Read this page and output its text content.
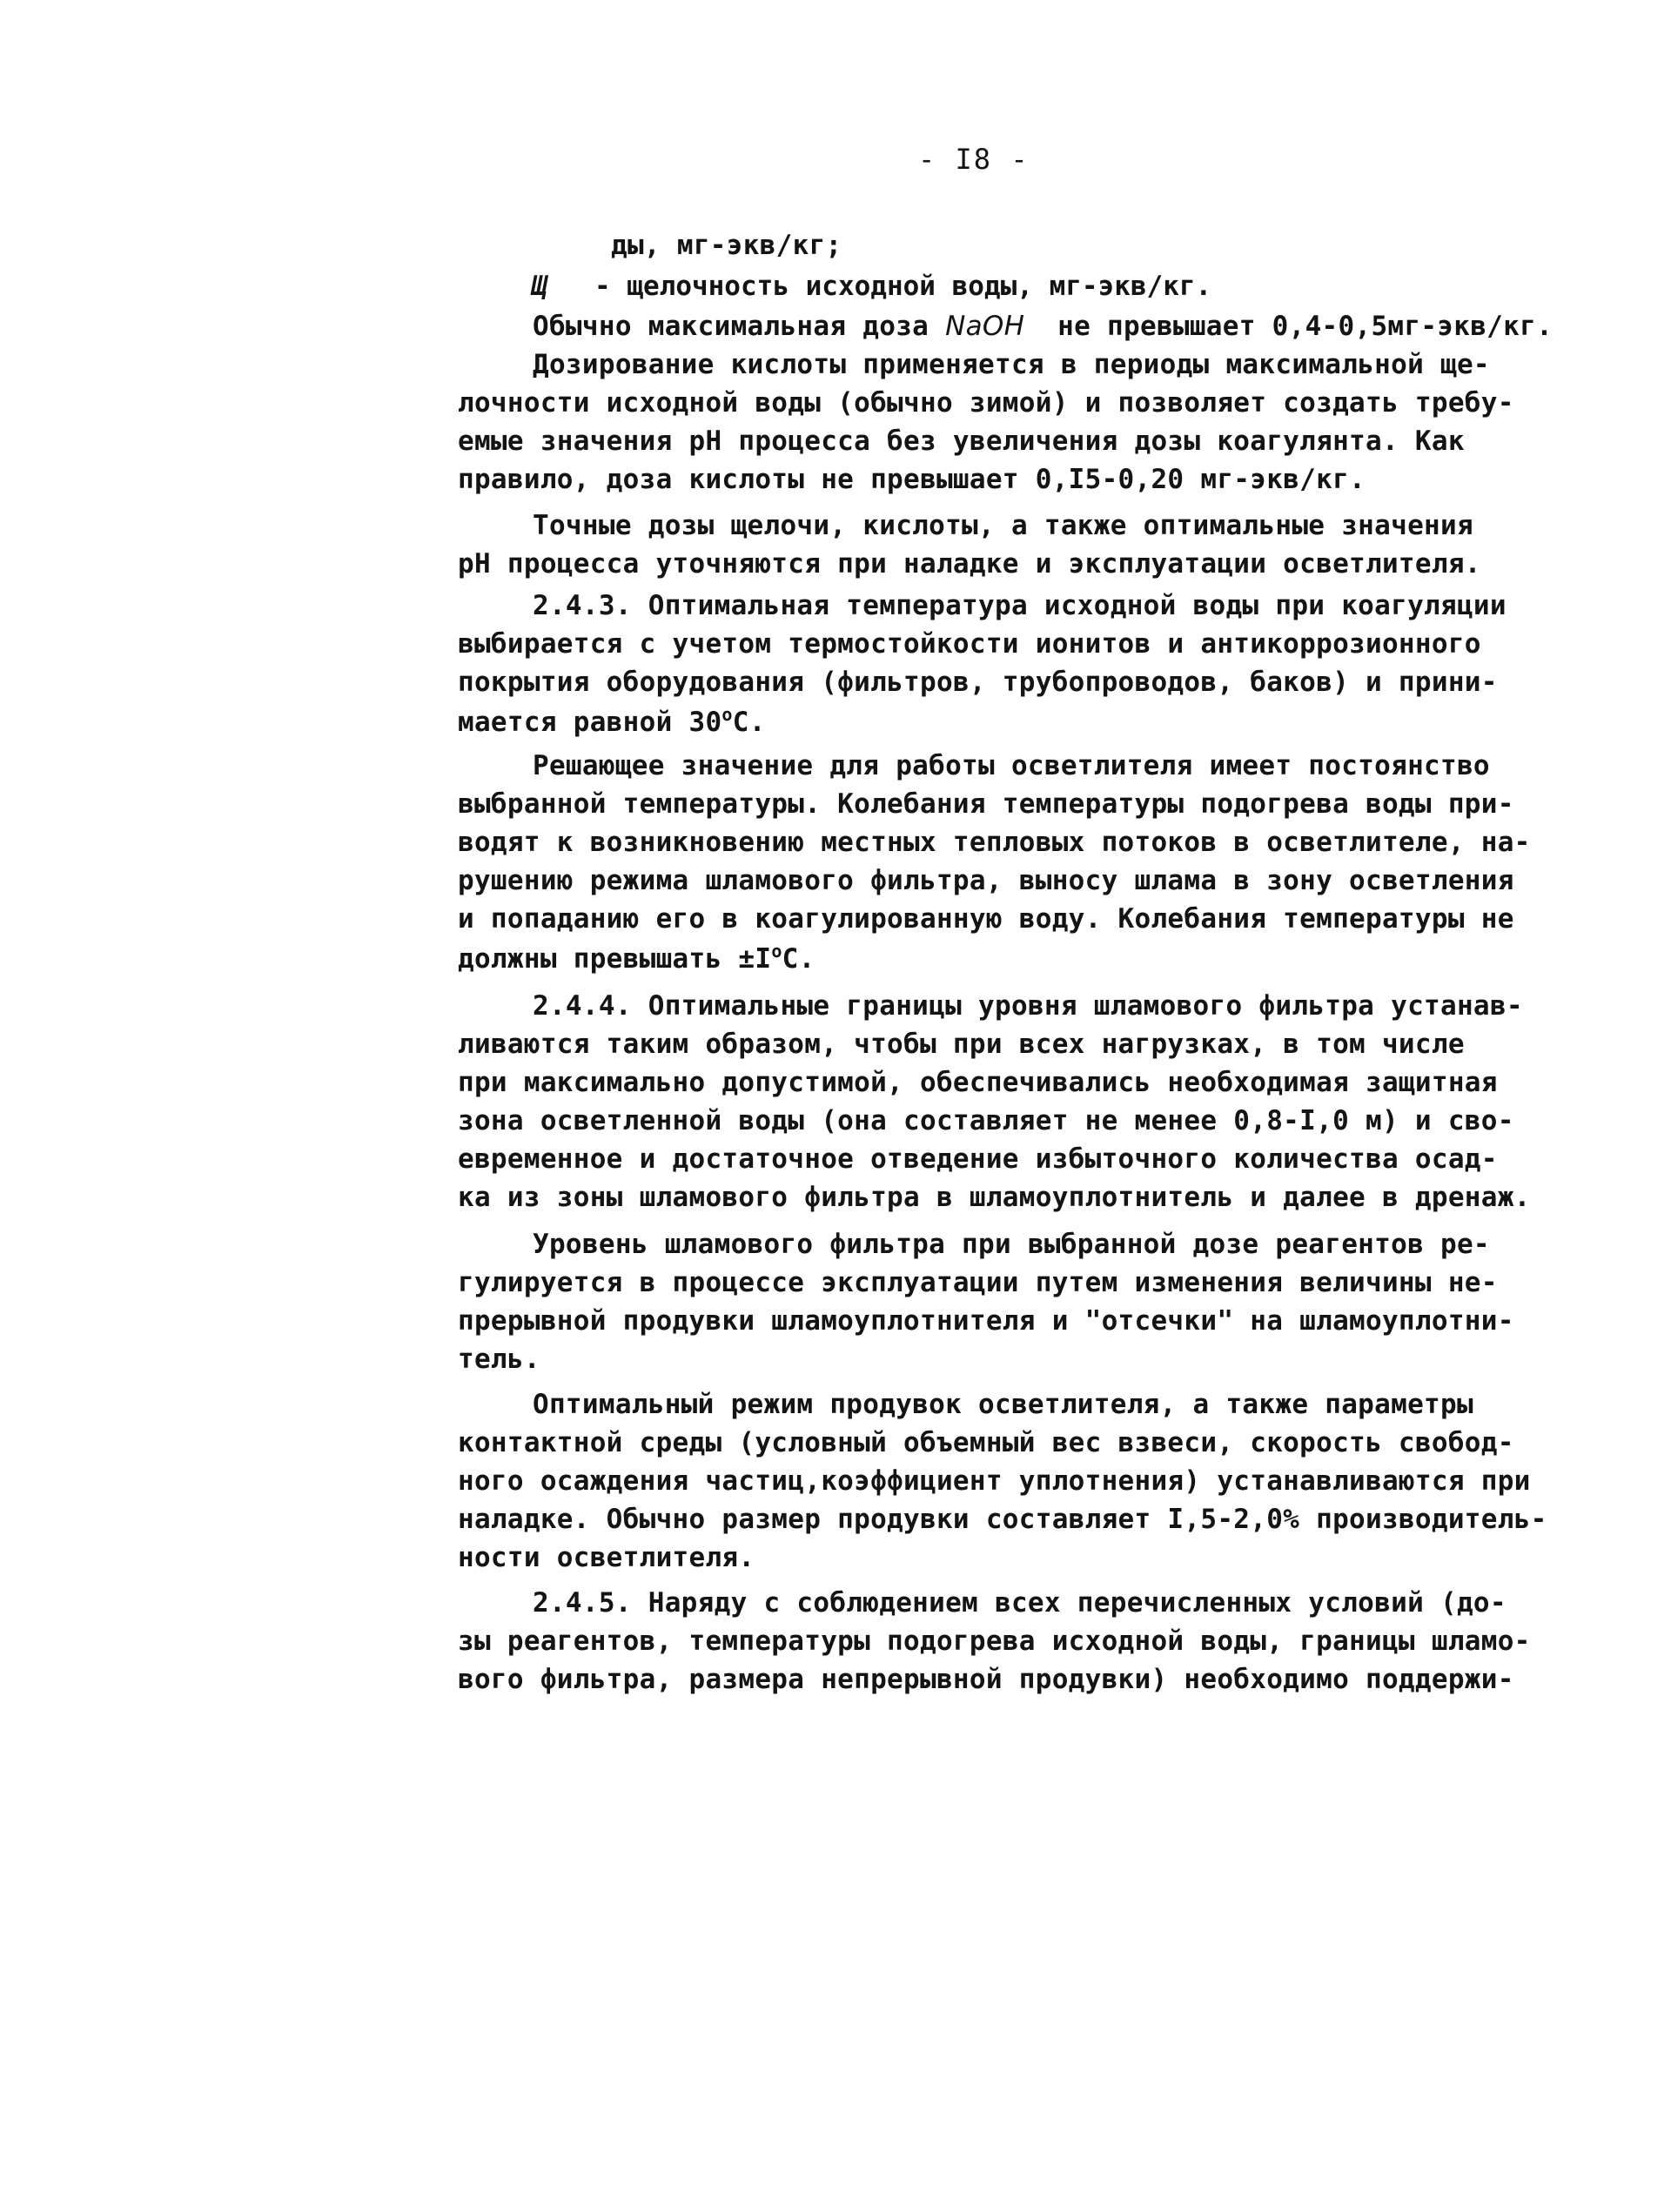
- I8 -
ды, мг-экв/кг;
Щ - щелочность исходной воды, мг-экв/кг.
Обычно максимальная доза NaOH  не превышает 0,4-0,5мг-экв/кг.
Дозирование кислоты применяется в периоды максимальной ще-
лочности исходной воды (обычно зимой) и позволяет создать требу-
емые значения рН процесса без увеличения дозы коагулянта. Как
правило, доза кислоты не превышает 0,I5-0,20 мг-экв/кг.
Точные дозы щелочи, кислоты, а также оптимальные значения
рН процесса уточняются при наладке и эксплуатации осветлителя.
2.4.3. Оптимальная температура исходной воды при коагуляции
выбирается с учетом термостойкости ионитов и антикоррозионного
покрытия оборудования (фильтров, трубопроводов, баков) и прини-
мается равной $30^оС$.
Решающее значение для работы осветлителя имеет постоянство
выбранной температуры. Колебания температуры подогрева воды при-
водят к возникновению местных тепловых потоков в осветлителе, на-
рушению режима шламового фильтра, выносу шлама в зону осветления
и попаданию его в коагулированную воду. Колебания температуры не
должны превышать $\pm I^оС$.
2.4.4. Оптимальные границы уровня шламового фильтра устанав-
ливаются таким образом, чтобы при всех нагрузках, в том числе
при максимально допустимой, обеспечивались необходимая защитная
зона осветленной воды (она составляет не менее 0,8-I,0 м) и сво-
евременное и достаточное отведение избыточного количества осад-
ка из зоны шламового фильтра в шламоуплотнитель и далее в дренаж.
Уровень шламового фильтра при выбранной дозе реагентов ре-
гулируется в процессе эксплуатации путем изменения величины не-
прерывной продувки шламоуплотнителя и "отсечки" на шламоуплотни-
тель.
Оптимальный режим продувок осветлителя, а также параметры
контактной среды (условный объемный вес взвеси, скорость свобод-
ного осаждения частиц,коэффициент уплотнения) устанавливаются при
наладке. Обычно размер продувки составляет I,5-2,0% производитель-
ности осветлителя.
2.4.5. Наряду с соблюдением всех перечисленных условий (до-
зы реагентов, температуры подогрева исходной воды, границы шламо-
вого фильтра, размера непрерывной продувки) необходимо поддержи-
